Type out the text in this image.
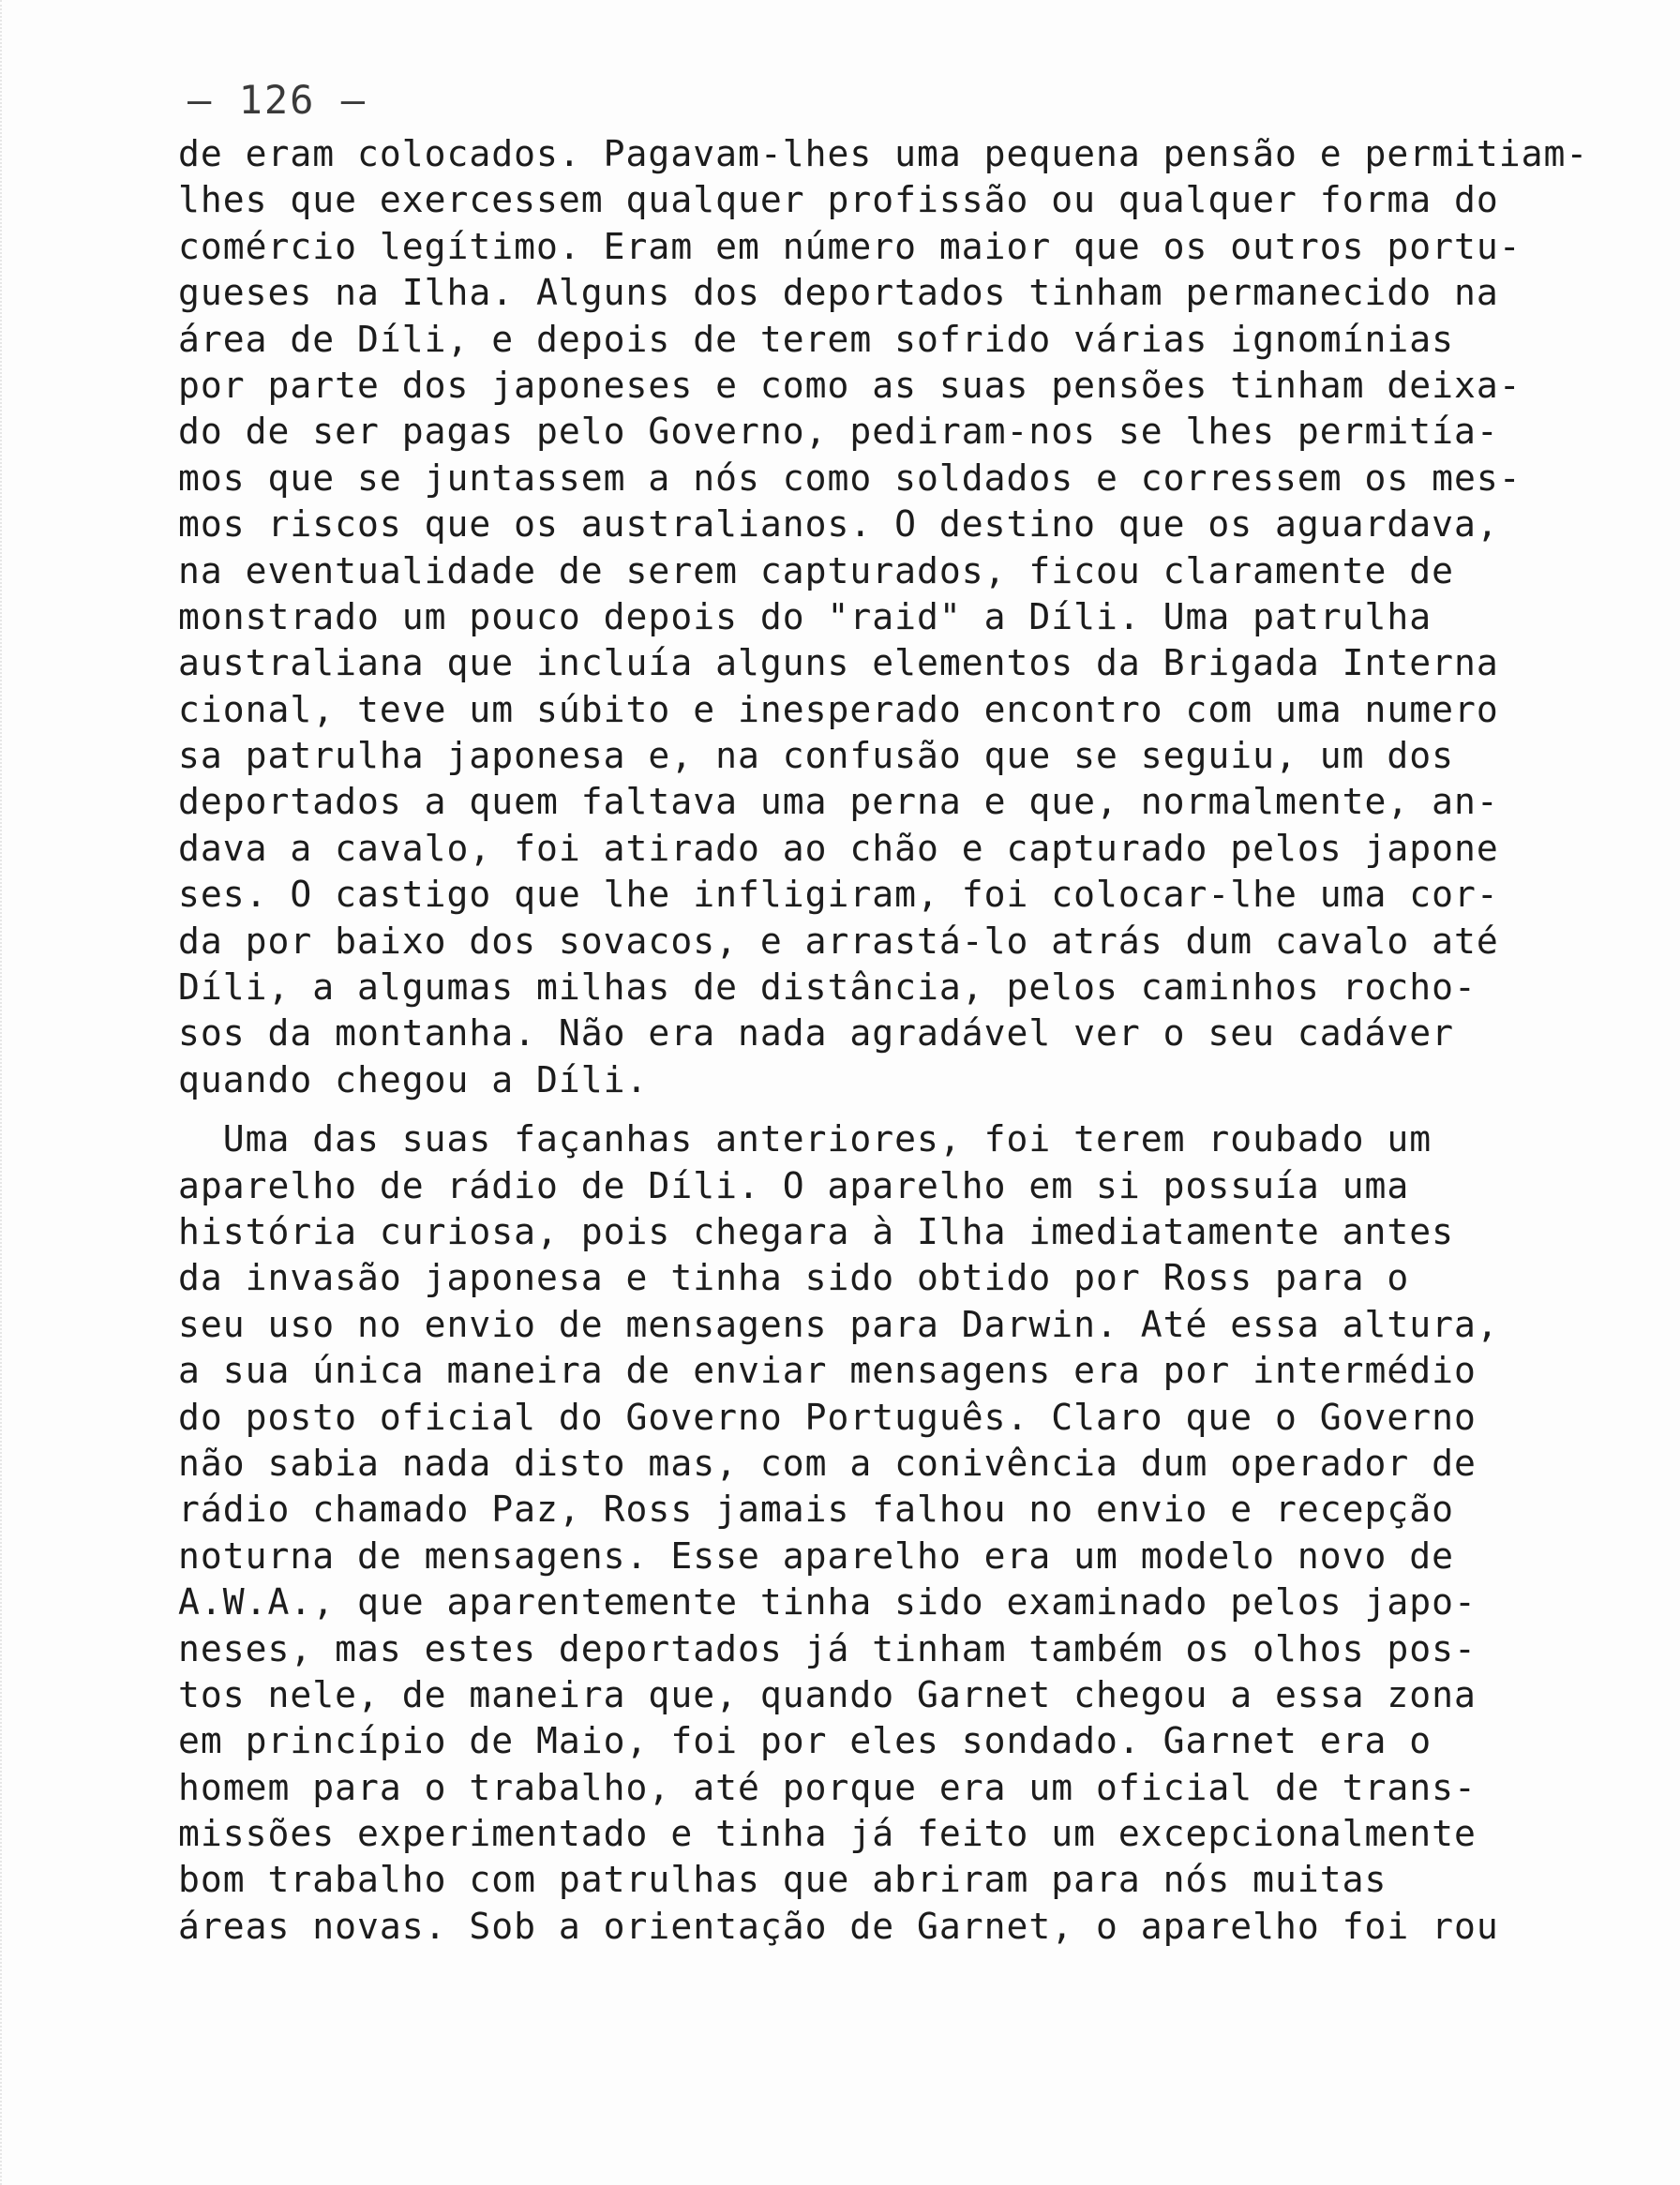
– 126 –
de eram colocados. Pagavam-lhes uma pequena pensão e permitiam-
lhes que exercessem qualquer profissão ou qualquer forma do
comércio legítimo. Eram em número maior que os outros portu-
gueses na Ilha. Alguns dos deportados tinham permanecido na
área de Díli, e depois de terem sofrido várias ignomínias
por parte dos japoneses e como as suas pensões tinham deixa-
do de ser pagas pelo Governo, pediram-nos se lhes permitía-
mos que se juntassem a nós como soldados e corressem os mes-
mos riscos que os australianos. O destino que os aguardava,
na eventualidade de serem capturados, ficou claramente de
monstrado um pouco depois do "raid" a Díli. Uma patrulha
australiana que incluía alguns elementos da Brigada Interna
cional, teve um súbito e inesperado encontro com uma numero
sa patrulha japonesa e, na confusão que se seguiu, um dos
deportados a quem faltava uma perna e que, normalmente, an-
dava a cavalo, foi atirado ao chão e capturado pelos japone
ses. O castigo que lhe infligiram, foi colocar-lhe uma cor-
da por baixo dos sovacos, e arrastá-lo atrás dum cavalo até
Díli, a algumas milhas de distância, pelos caminhos rocho-
sos da montanha. Não era nada agradável ver o seu cadáver
quando chegou a Díli.
Uma das suas façanhas anteriores, foi terem roubado um
aparelho de rádio de Díli. O aparelho em si possuía uma
história curiosa, pois chegara à Ilha imediatamente antes
da invasão japonesa e tinha sido obtido por Ross para o
seu uso no envio de mensagens para Darwin. Até essa altura,
a sua única maneira de enviar mensagens era por intermédio
do posto oficial do Governo Português. Claro que o Governo
não sabia nada disto mas, com a conivência dum operador de
rádio chamado Paz, Ross jamais falhou no envio e recepção
noturna de mensagens. Esse aparelho era um modelo novo de
A.W.A., que aparentemente tinha sido examinado pelos japo-
neses, mas estes deportados já tinham também os olhos pos-
tos nele, de maneira que, quando Garnet chegou a essa zona
em princípio de Maio, foi por eles sondado. Garnet era o
homem para o trabalho, até porque era um oficial de trans-
missões experimentado e tinha já feito um excepcionalmente
bom trabalho com patrulhas que abriram para nós muitas
áreas novas. Sob a orientação de Garnet, o aparelho foi rou
